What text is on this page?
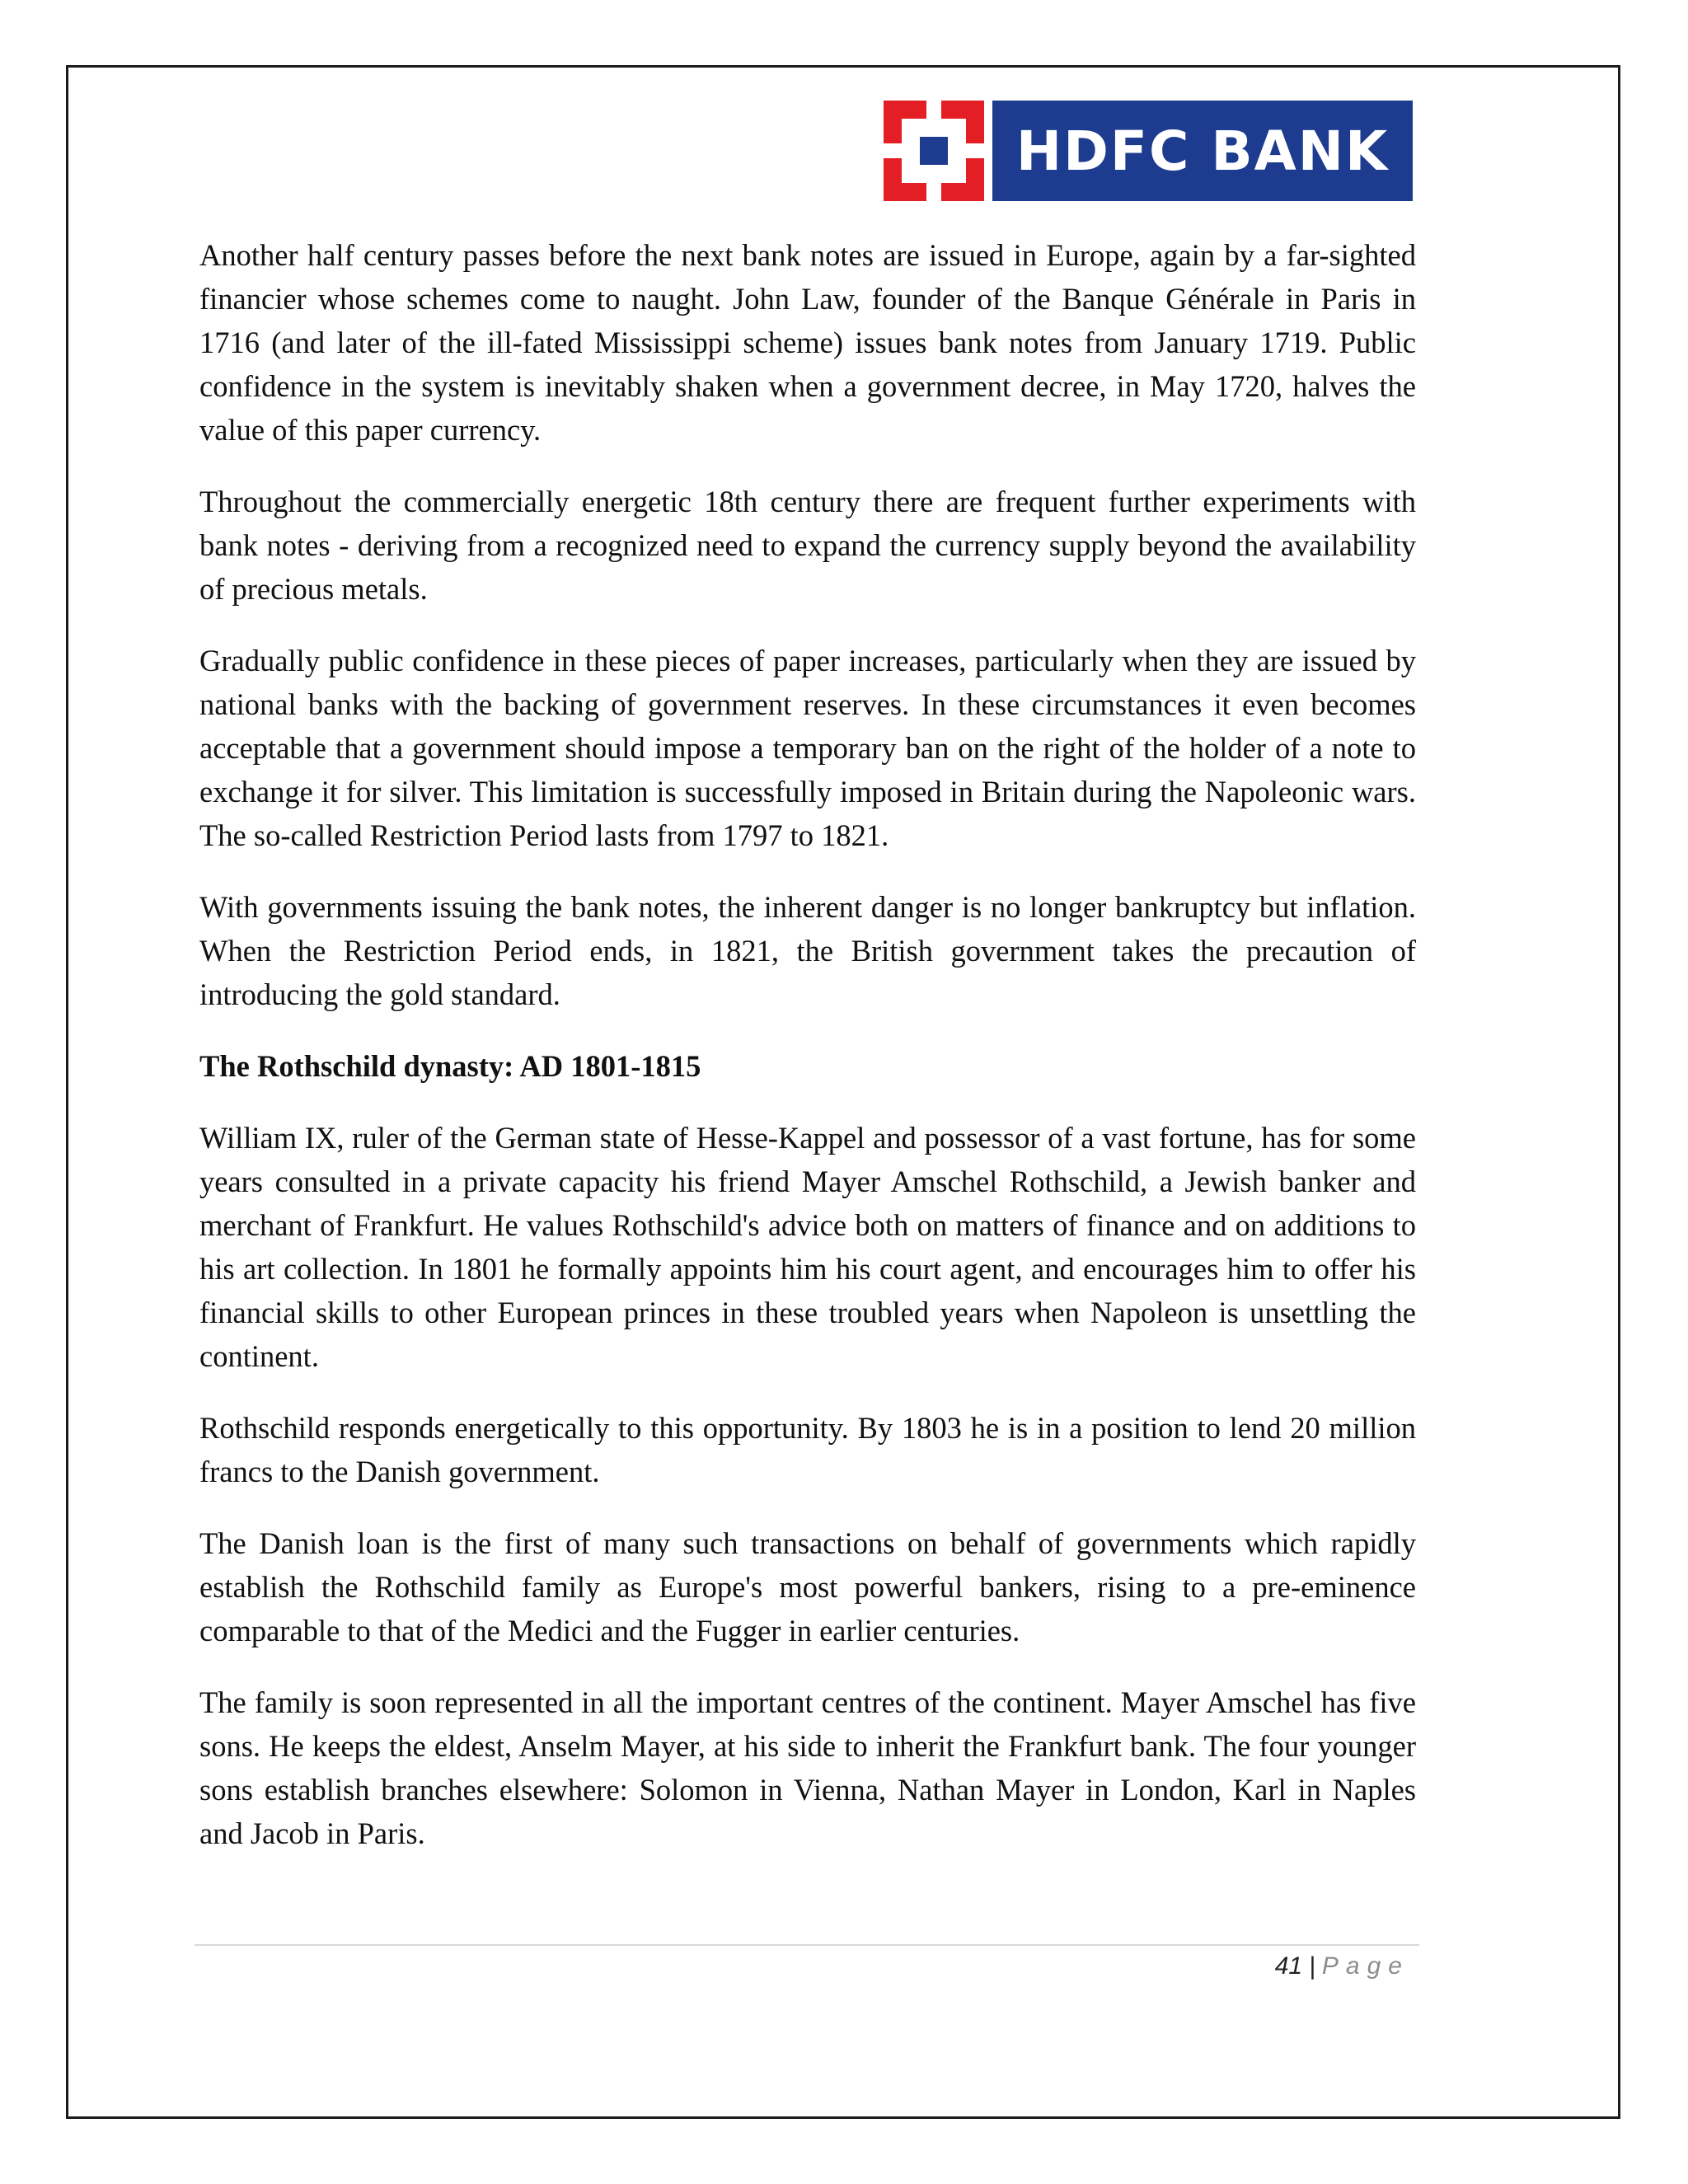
HDFC BANK

Another half century passes before the next bank notes are issued in Europe, again by a far-sighted financier whose schemes come to naught. John Law, founder of the Banque Générale in Paris in 1716 (and later of the ill-fated Mississippi scheme) issues bank notes from January 1719. Public confidence in the system is inevitably shaken when a government decree, in May 1720, halves the value of this paper currency.

Throughout the commercially energetic 18th century there are frequent further experiments with bank notes - deriving from a recognized need to expand the currency supply beyond the availability of precious metals.

Gradually public confidence in these pieces of paper increases, particularly when they are issued by national banks with the backing of government reserves. In these circumstances it even becomes acceptable that a government should impose a temporary ban on the right of the holder of a note to exchange it for silver. This limitation is successfully imposed in Britain during the Napoleonic wars. The so-called Restriction Period lasts from 1797 to 1821.

With governments issuing the bank notes, the inherent danger is no longer bankruptcy but inflation. When the Restriction Period ends, in 1821, the British government takes the precaution of introducing the gold standard.

The Rothschild dynasty: AD 1801-1815

William IX, ruler of the German state of Hesse-Kappel and possessor of a vast fortune, has for some years consulted in a private capacity his friend Mayer Amschel Rothschild, a Jewish banker and merchant of Frankfurt. He values Rothschild's advice both on matters of finance and on additions to his art collection. In 1801 he formally appoints him his court agent, and encourages him to offer his financial skills to other European princes in these troubled years when Napoleon is unsettling the continent.

Rothschild responds energetically to this opportunity. By 1803 he is in a position to lend 20 million francs to the Danish government.

The Danish loan is the first of many such transactions on behalf of governments which rapidly establish the Rothschild family as Europe's most powerful bankers, rising to a pre-eminence comparable to that of the Medici and the Fugger in earlier centuries.

The family is soon represented in all the important centres of the continent. Mayer Amschel has five sons. He keeps the eldest, Anselm Mayer, at his side to inherit the Frankfurt bank. The four younger sons establish branches elsewhere: Solomon in Vienna, Nathan Mayer in London, Karl in Naples and Jacob in Paris.

41 | Page
